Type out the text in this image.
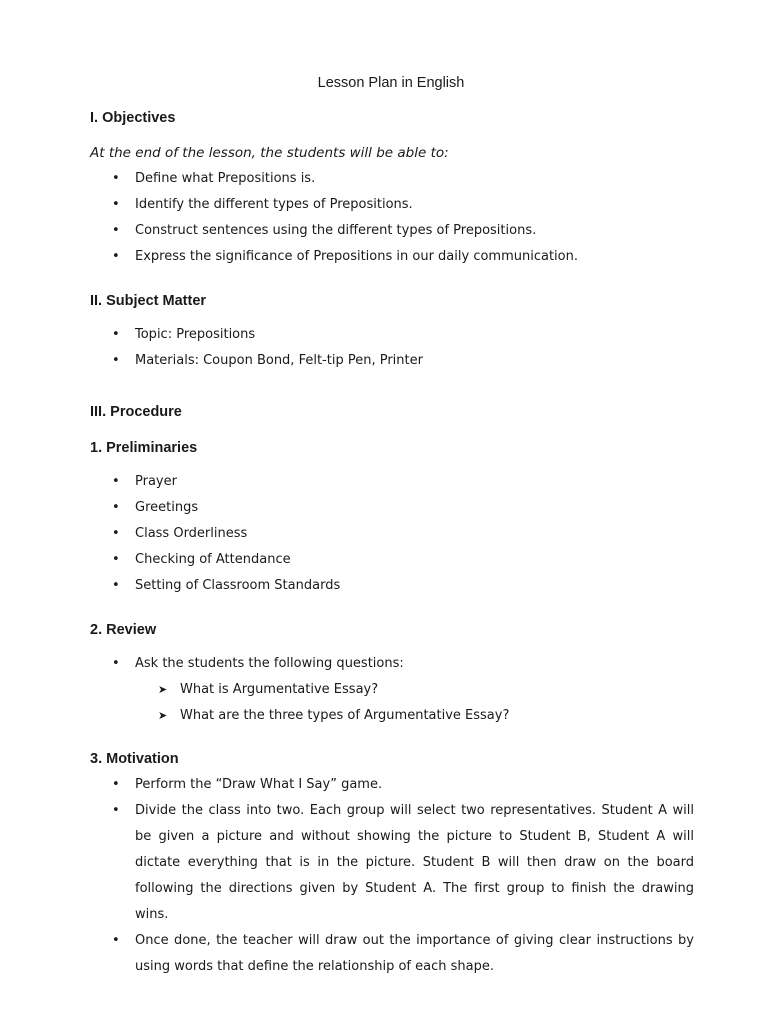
Lesson Plan in English
I. Objectives
At the end of the lesson, the students will be able to:
• Define what Prepositions is.
• Identify the different types of Prepositions.
• Construct sentences using the different types of Prepositions.
• Express the significance of Prepositions in our daily communication.
II. Subject Matter
• Topic: Prepositions
• Materials: Coupon Bond, Felt-tip Pen, Printer
III. Procedure
1. Preliminaries
• Prayer
• Greetings
• Class Orderliness
• Checking of Attendance
• Setting of Classroom Standards
2. Review
• Ask the students the following questions:
➤ What is Argumentative Essay?
➤ What are the three types of Argumentative Essay?
3. Motivation
• Perform the “Draw What I Say” game.
• Divide the class into two. Each group will select two representatives. Student A will be given a picture and without showing the picture to Student B, Student A will dictate everything that is in the picture. Student B will then draw on the board following the directions given by Student A. The first group to finish the drawing wins.
• Once done, the teacher will draw out the importance of giving clear instructions by using words that define the relationship of each shape.
